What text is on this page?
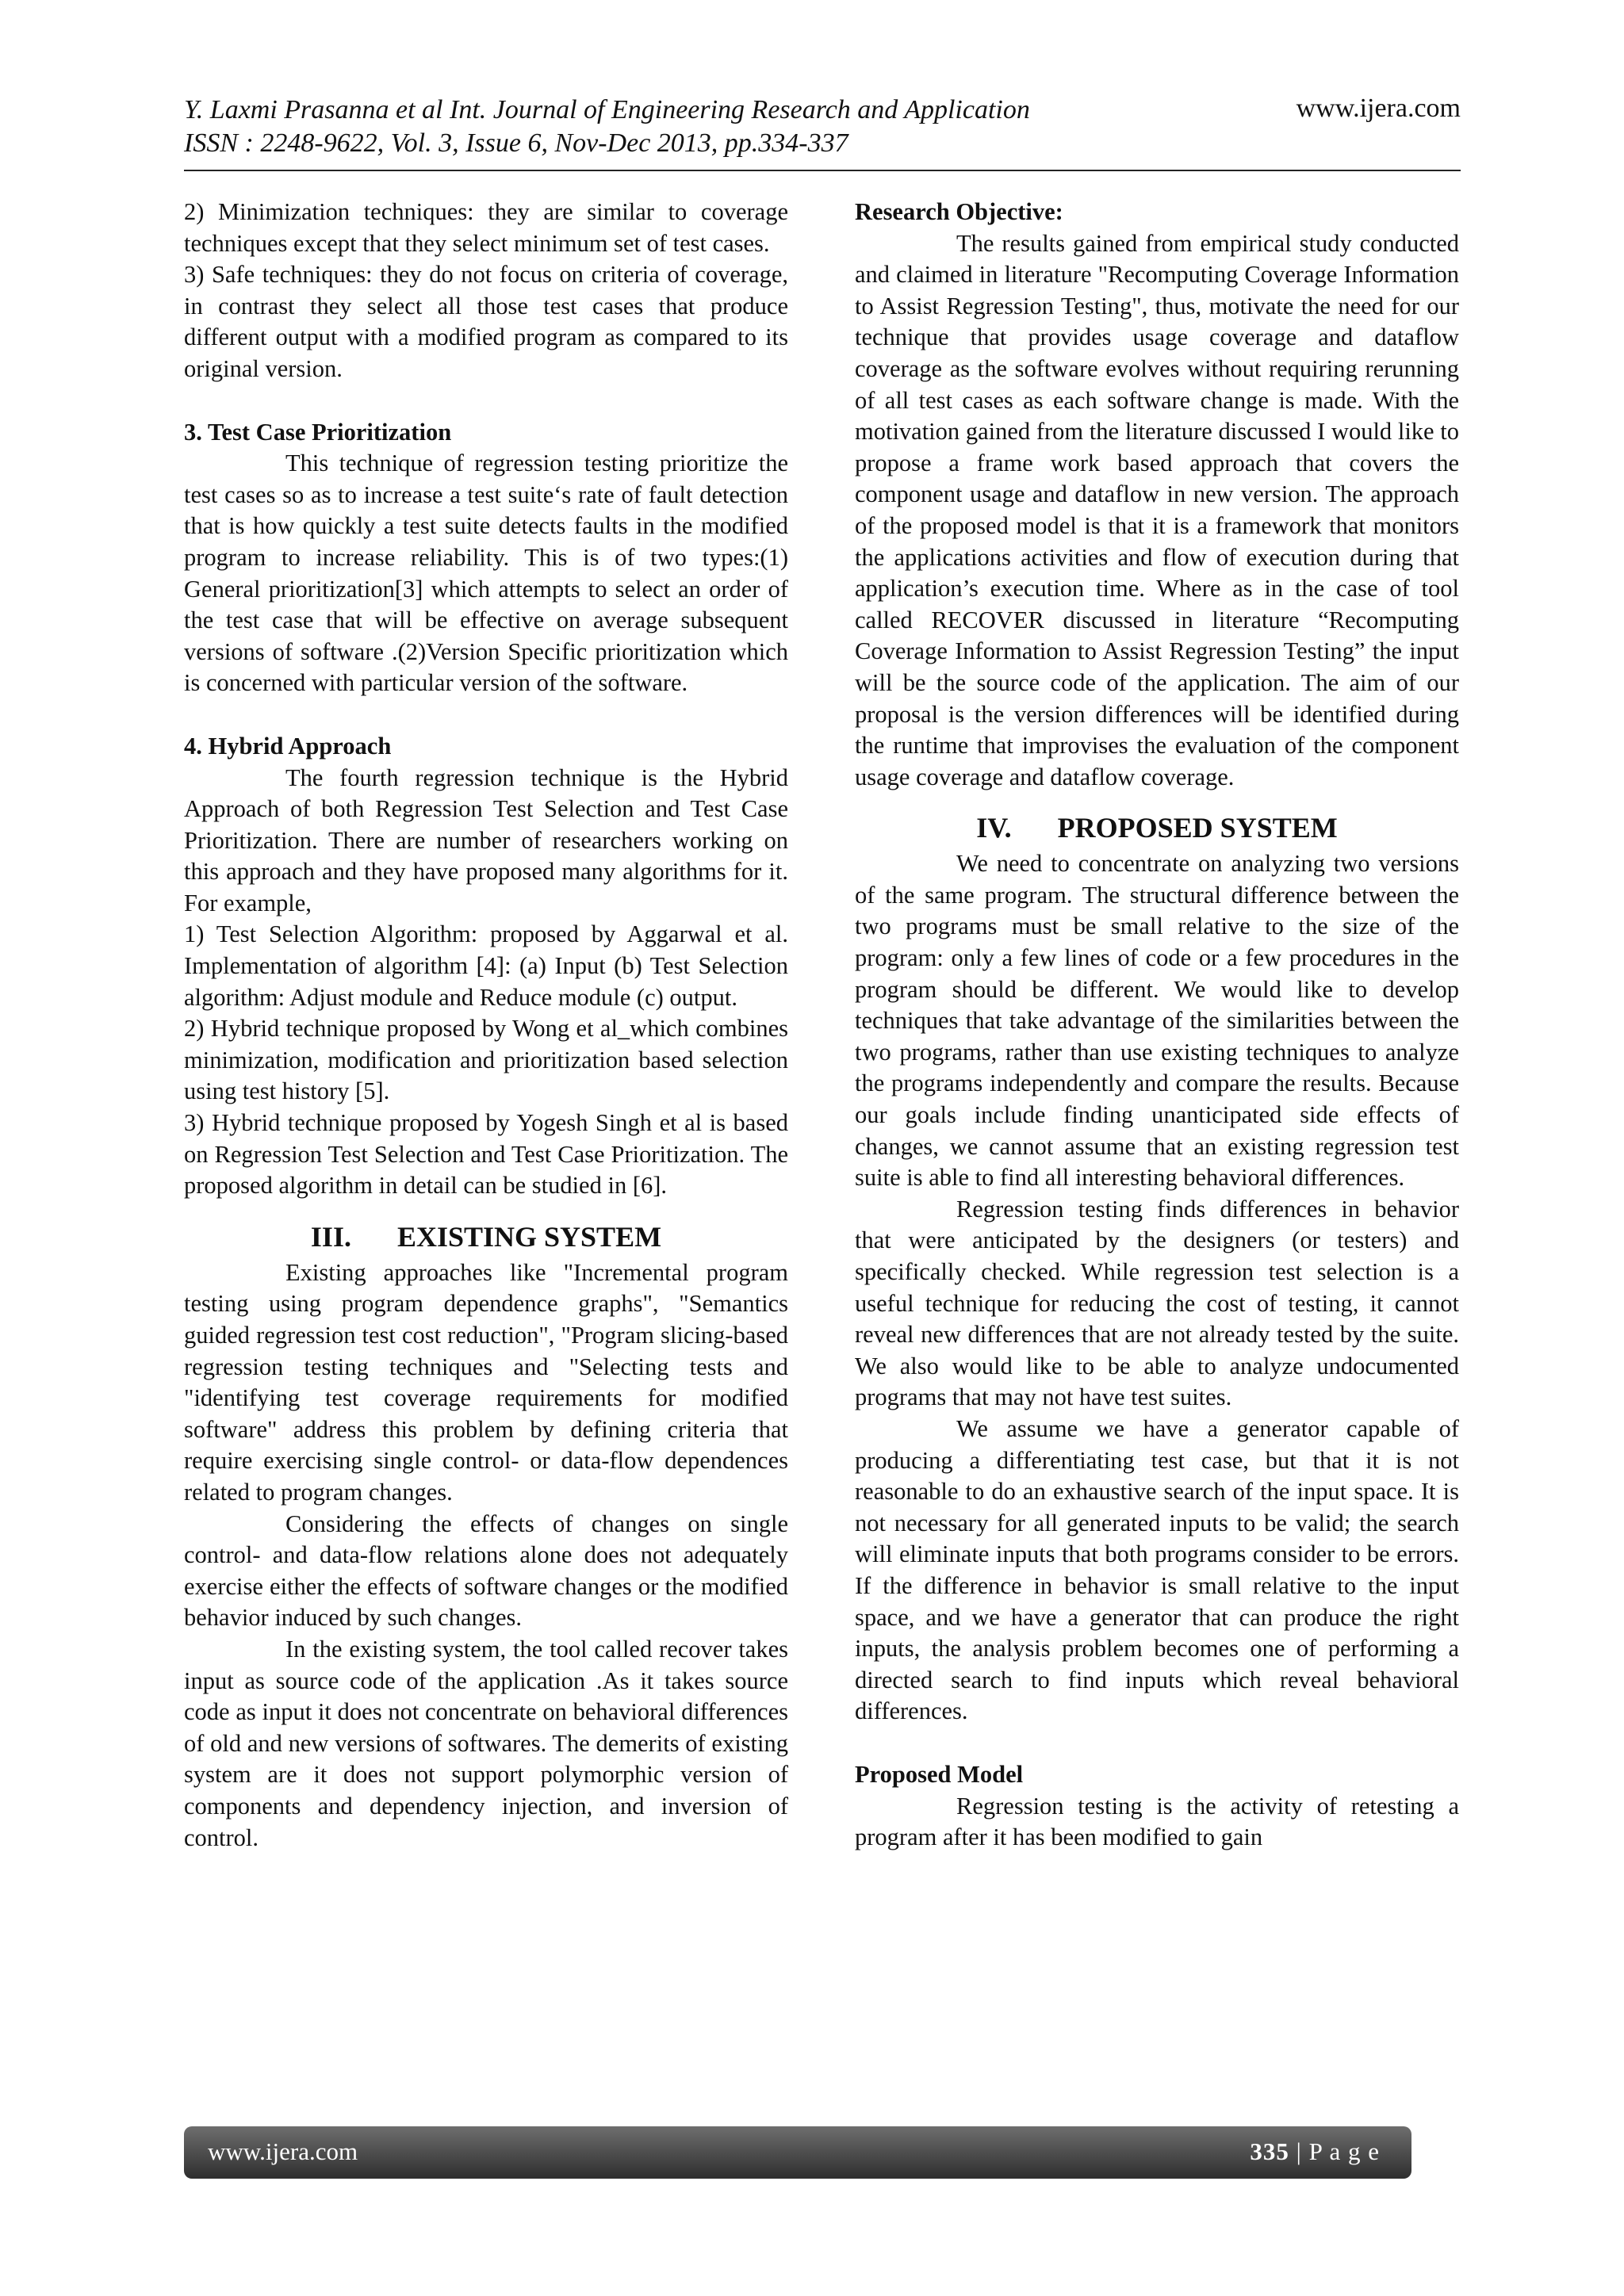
Y. Laxmi Prasanna et al Int. Journal of Engineering Research and Application	www.ijera.com
ISSN : 2248-9622, Vol. 3, Issue 6, Nov-Dec 2013, pp.334-337

2) Minimization techniques: they are similar to coverage techniques except that they select minimum set of test cases.

3) Safe techniques: they do not focus on criteria of coverage, in contrast they select all those test cases that produce different output with a modified program as compared to its original version.

3. Test Case Prioritization

This technique of regression testing prioritize the test cases so as to increase a test suite‘s rate of fault detection that is how quickly a test suite detects faults in the modified program to increase reliability. This is of two types:(1) General prioritization[3] which attempts to select an order of the test case that will be effective on average subsequent versions of software .(2)Version Specific prioritization which is concerned with particular version of the software.

4. Hybrid Approach

The fourth regression technique is the Hybrid Approach of both Regression Test Selection and Test Case Prioritization. There are number of researchers working on this approach and they have proposed many algorithms for it. For example,

1) Test Selection Algorithm: proposed by Aggarwal et al. Implementation of algorithm [4]: (a) Input (b) Test Selection algorithm: Adjust module and Reduce module (c) output.

2) Hybrid technique proposed by Wong et al_which combines minimization, modification and prioritization based selection using test history [5].

3) Hybrid technique proposed by Yogesh Singh et al is based on Regression Test Selection and Test Case Prioritization. The proposed algorithm in detail can be studied in [6].

III. EXISTING SYSTEM

Existing approaches like "Incremental program testing using program dependence graphs", "Semantics guided regression test cost reduction", "Program slicing-based regression testing techniques and "Selecting tests and "identifying test coverage requirements for modified software" address this problem by defining criteria that require exercising single control- or data-flow dependences related to program changes.

Considering the effects of changes on single control- and data-flow relations alone does not adequately exercise either the effects of software changes or the modified behavior induced by such changes.

In the existing system, the tool called recover takes input as source code of the application .As it takes source code as input it does not concentrate on behavioral differences of old and new versions of softwares. The demerits of existing system are it does not support polymorphic version of components and dependency injection, and inversion of control.

Research Objective:

The results gained from empirical study conducted and claimed in literature "Recomputing Coverage Information to Assist Regression Testing", thus, motivate the need for our technique that provides usage coverage and dataflow coverage as the software evolves without requiring rerunning of all test cases as each software change is made. With the motivation gained from the literature discussed I would like to propose a frame work based approach that covers the component usage and dataflow in new version. The approach of the proposed model is that it is a framework that monitors the applications activities and flow of execution during that application’s execution time. Where as in the case of tool called RECOVER discussed in literature “Recomputing Coverage Information to Assist Regression Testing” the input will be the source code of the application. The aim of our proposal is the version differences will be identified during the runtime that improvises the evaluation of the component usage coverage and dataflow coverage.

IV. PROPOSED SYSTEM

We need to concentrate on analyzing two versions of the same program. The structural difference between the two programs must be small relative to the size of the program: only a few lines of code or a few procedures in the program should be different. We would like to develop techniques that take advantage of the similarities between the two programs, rather than use existing techniques to analyze the programs independently and compare the results. Because our goals include finding unanticipated side effects of changes, we cannot assume that an existing regression test suite is able to find all interesting behavioral differences.

Regression testing finds differences in behavior that were anticipated by the designers (or testers) and specifically checked. While regression test selection is a useful technique for reducing the cost of testing, it cannot reveal new differences that are not already tested by the suite. We also would like to be able to analyze undocumented programs that may not have test suites.

We assume we have a generator capable of producing a differentiating test case, but that it is not reasonable to do an exhaustive search of the input space. It is not necessary for all generated inputs to be valid; the search will eliminate inputs that both programs consider to be errors. If the difference in behavior is small relative to the input space, and we have a generator that can produce the right inputs, the analysis problem becomes one of performing a directed search to find inputs which reveal behavioral differences.

Proposed Model

Regression testing is the activity of retesting a program after it has been modified to gain

www.ijera.com	335 | P a g e
